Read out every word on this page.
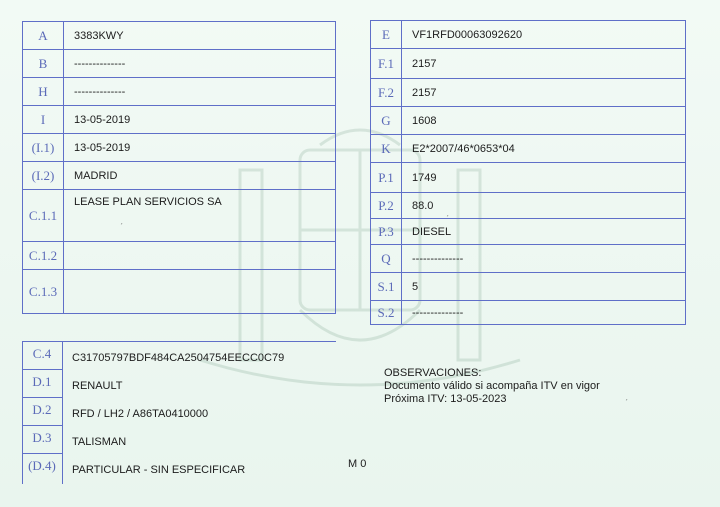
A	3383KWY
B	--------------
H	--------------
I	13-05-2019
(I.1)	13-05-2019
(I.2)	MADRID
C.1.1	LEASE PLAN SERVICIOS SA
C.1.2	
C.1.3	
C.4	C31705797BDF484CA2504754EECC0C79
D.1	RENAULT
D.2	RFD / LH2 / A86TA0410000
D.3	TALISMAN
(D.4)	PARTICULAR - SIN ESPECIFICAR
E	VF1RFD00063092620
F.1	2157
F.2	2157
G	1608
K	E2*2007/46*0653*04
P.1	1749
P.2	88.0
P.3	DIESEL
Q	--------------
S.1	5
S.2	--------------
OBSERVACIONES:
Documento válido si acompaña ITV en vigor
Próxima ITV: 13-05-2023
M 0
ˊ
ˊ
ˊ
